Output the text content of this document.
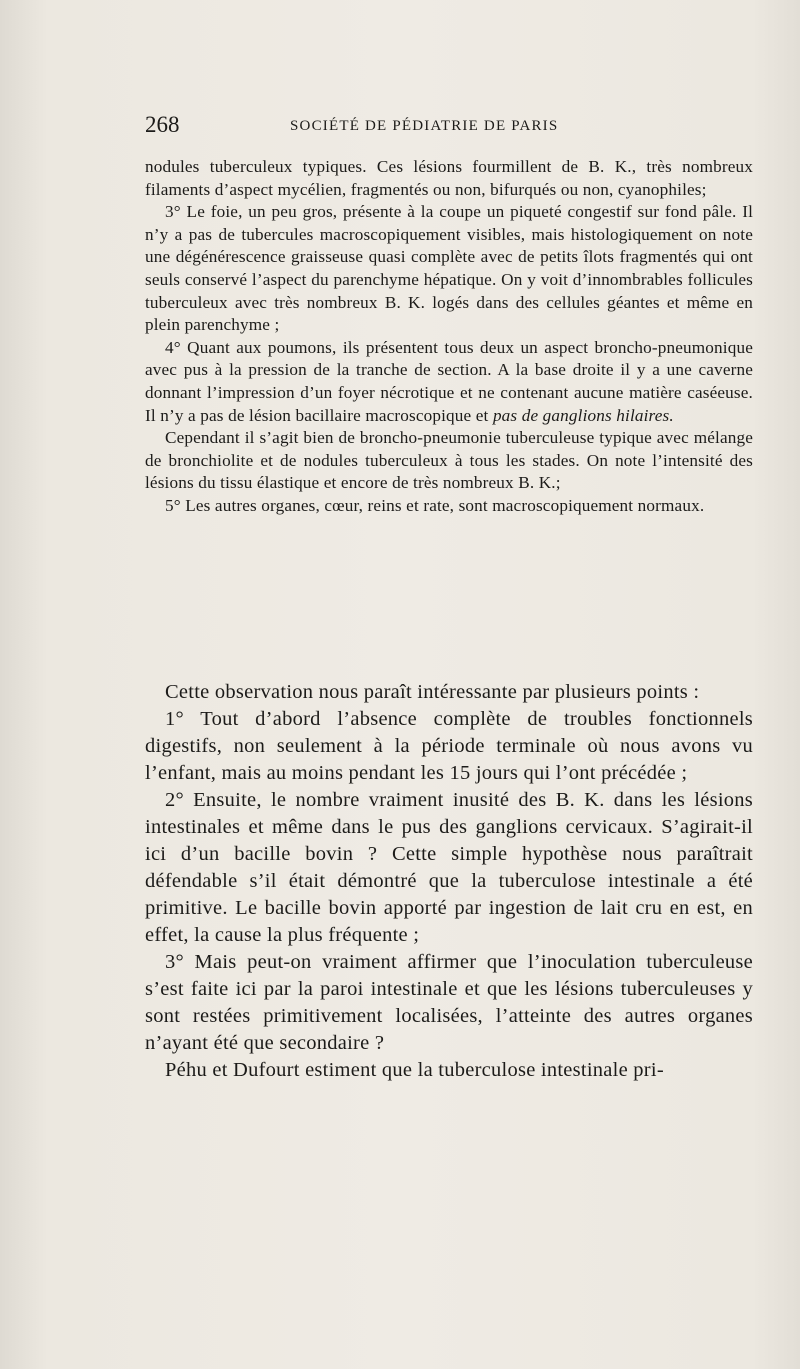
268	SOCIÉTÉ DE PÉDIATRIE DE PARIS

nodules tuberculeux typiques. Ces lésions fourmillent de B. K., très nombreux filaments d’aspect mycélien, fragmentés ou non, bifurqués ou non, cyanophiles;

3° Le foie, un peu gros, présente à la coupe un piqueté congestif sur fond pâle. Il n’y a pas de tubercules macroscopiquement visibles, mais histologiquement on note une dégénérescence graisseuse quasi complète avec de petits îlots fragmentés qui ont seuls conservé l’aspect du parenchyme hépatique. On y voit d’innombrables follicules tuberculeux avec très nombreux B. K. logés dans des cellules géantes et même en plein parenchyme ;

4° Quant aux poumons, ils présentent tous deux un aspect broncho-pneumonique avec pus à la pression de la tranche de section. A la base droite il y a une caverne donnant l’impression d’un foyer nécrotique et ne contenant aucune matière caséeuse. Il n’y a pas de lésion bacillaire macroscopique et pas de ganglions hilaires.

Cependant il s’agit bien de broncho-pneumonie tuberculeuse typique avec mélange de bronchiolite et de nodules tuberculeux à tous les stades. On note l’intensité des lésions du tissu élastique et encore de très nombreux B. K.;

5° Les autres organes, cœur, reins et rate, sont macroscopiquement normaux.

Cette observation nous paraît intéressante par plusieurs points :

1° Tout d’abord l’absence complète de troubles fonctionnels digestifs, non seulement à la période terminale où nous avons vu l’enfant, mais au moins pendant les 15 jours qui l’ont précédée ;

2° Ensuite, le nombre vraiment inusité des B. K. dans les lésions intestinales et même dans le pus des ganglions cervicaux. S’agirait-il ici d’un bacille bovin ? Cette simple hypothèse nous paraîtrait défendable s’il était démontré que la tuberculose intestinale a été primitive. Le bacille bovin apporté par ingestion de lait cru en est, en effet, la cause la plus fréquente ;

3° Mais peut-on vraiment affirmer que l’inoculation tuberculeuse s’est faite ici par la paroi intestinale et que les lésions tuberculeuses y sont restées primitivement localisées, l’atteinte des autres organes n’ayant été que secondaire ?

Péhu et Dufourt estiment que la tuberculose intestinale pri-
